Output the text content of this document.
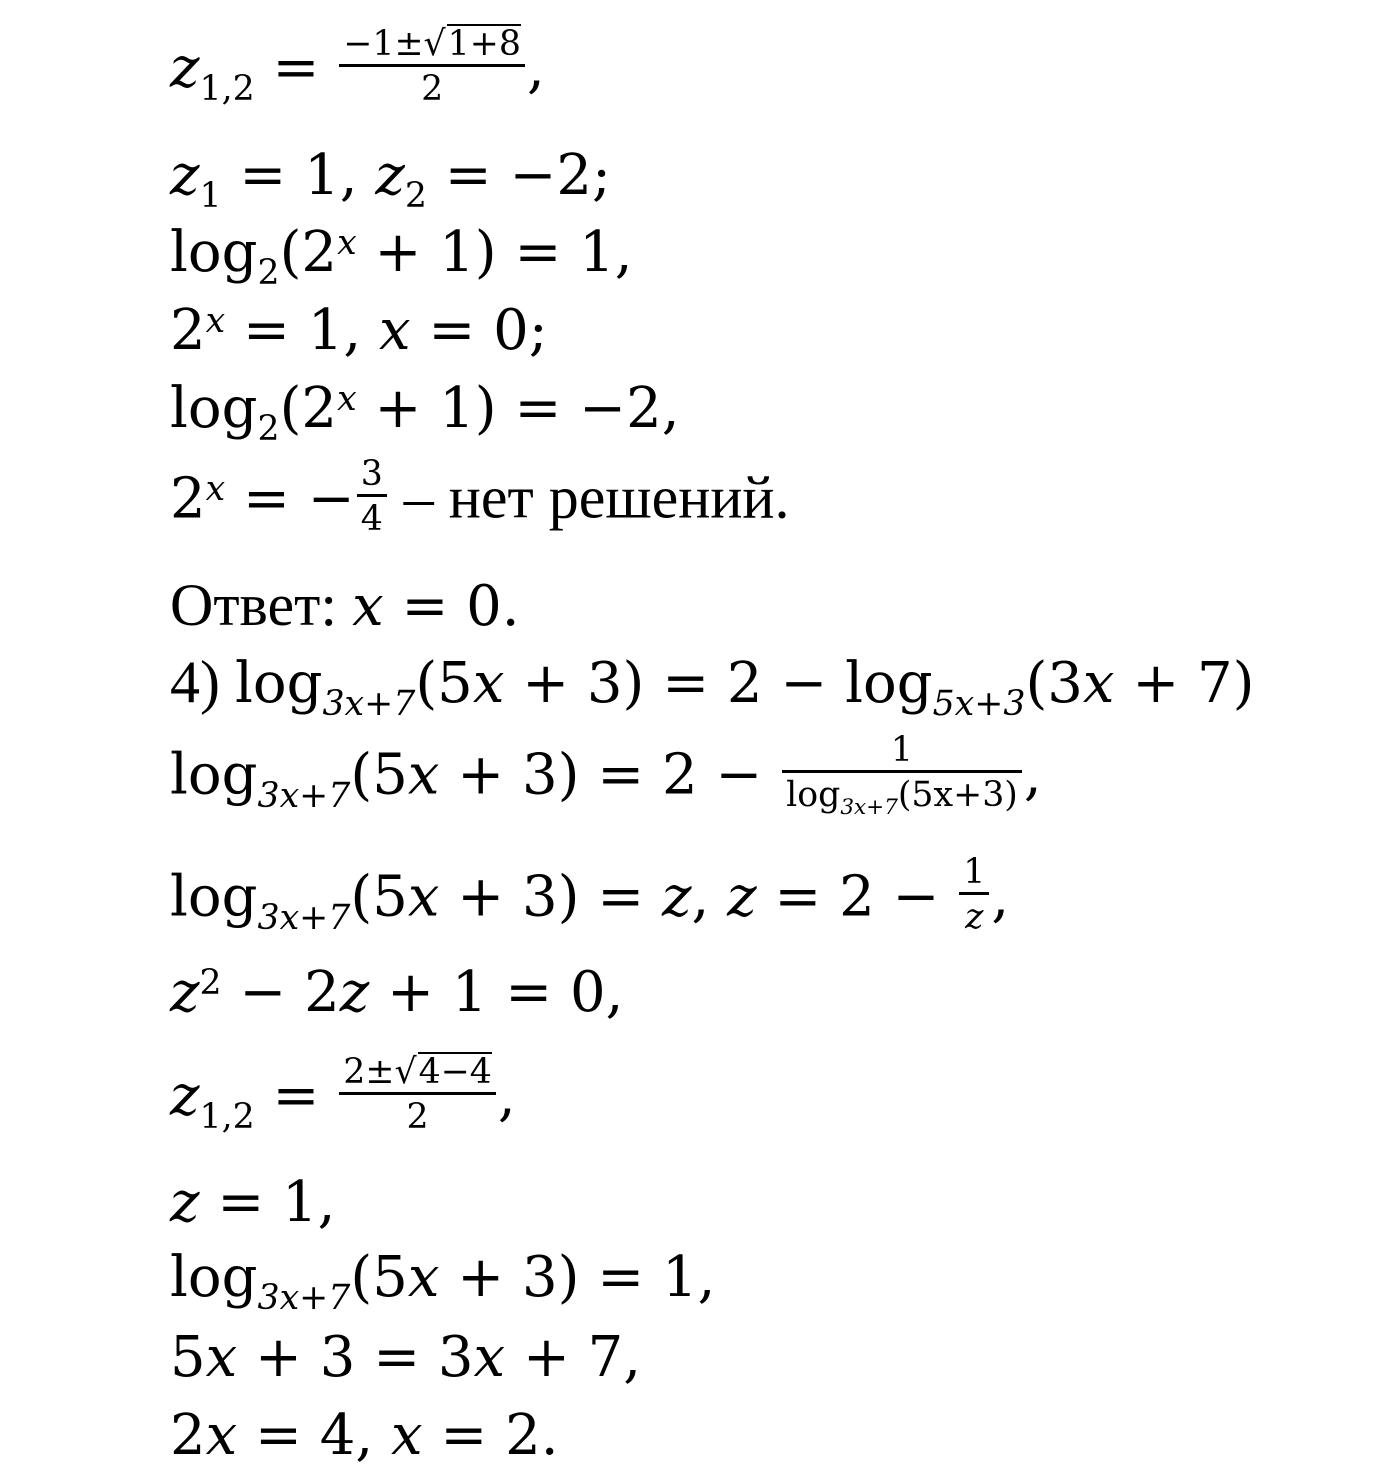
$z_{1,2} = \frac{-1\pm√1+8}{2}$ ,
$z_1 = 1$, $z_2 = -2$;
$\log_2(2^x + 1) = 1$,
$2^x = 1$, x = 0;
$\log_2(2^x + 1) = -2$,
$2^x$ = − $\frac{3}{4}$ – нет решений.
Ответ: x = 0.
4) $\log_{3x+7}(5x + 3) = 2 - \log_{5x+3}(3x + 7)$
$\log_{3x+7}(5x + 3) = 2 - \frac{1}{\log_{3x+7}(5x+3)}$ ,
$\log_{3x+7}(5x + 3) = z$, $z = 2 - \frac{1}{z}$ ,
$z^2 - 2z + 1 = 0$,
$z_{1,2} = \frac{2\pm√4-4}{2}$ ,
z = 1,
$\log_{3x+7}(5x + 3) = 1$,
5x + 3 = 3x + 7,
2x = 4, x = 2.
